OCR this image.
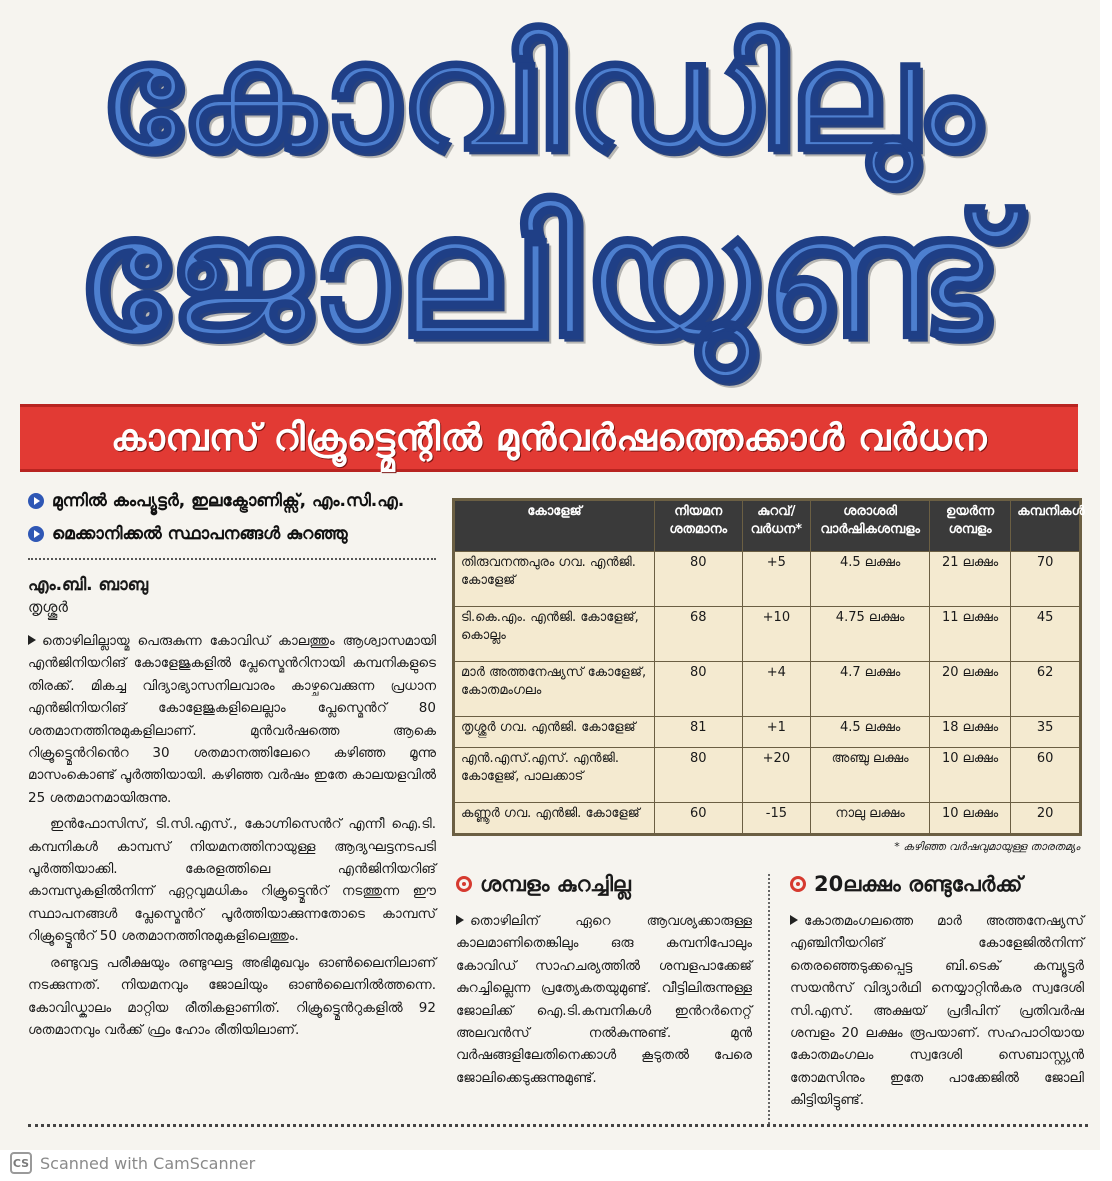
കോവിഡിലും
ജോലിയുണ്ട്
കാമ്പസ് റിക്രൂട്ട്മെന്റിൽ മുൻവർഷത്തെക്കാൾ വർധന
മുന്നിൽ കംപ്യൂട്ടർ, ഇലക്ട്രോണിക്സ്, എം.സി.എ.
മെക്കാനിക്കൽ സ്ഥാപനങ്ങൾ കുറഞ്ഞു
എം.ബി. ബാബു
തൃശ്ശൂർ

തൊഴിലില്ലായ്മ പെരുകുന്ന കോവിഡ് കാലത്തും ആശ്വാസമായി എൻജിനിയറിങ് കോളേജുകളിൽ പ്ലേസ്മെൻറിനായി കമ്പനികളുടെ തിരക്ക്. മികച്ച വിദ്യാഭ്യാസനിലവാരം കാഴ്ചവെക്കുന്ന പ്രധാന എൻജിനിയറിങ് കോളേജുകളിലെല്ലാം പ്ലേസ്മെൻറ് 80 ശതമാനത്തിനുമുകളിലാണ്. മുൻവർഷത്തെ ആകെ റിക്രൂട്ട്മെൻറിൻെറ 30 ശതമാനത്തിലേറെ കഴിഞ്ഞ മൂന്നു മാസംകൊണ്ട് പൂർത്തിയായി. കഴിഞ്ഞ വർഷം ഇതേ കാലയളവിൽ 25 ശതമാനമായിരുന്നു.

ഇൻഫോസിസ്, ടി.സി.എസ്., കോഗ്നിസെൻറ് എന്നീ ഐ.ടി. കമ്പനികൾ കാമ്പസ് നിയമനത്തിനായുള്ള ആദ്യഘട്ടനടപടി പൂർത്തിയാക്കി. കേരളത്തിലെ എൻജിനിയറിങ് കാമ്പസുകളിൽനിന്ന് ഏറ്റവുമധികം റിക്രൂട്ട്മെൻറ് നടത്തുന്ന ഈ സ്ഥാപനങ്ങൾ പ്ലേസ്മെൻറ് പൂർത്തിയാക്കുന്നതോടെ കാമ്പസ് റിക്രൂട്ട്മെൻറ് 50 ശതമാനത്തിനുമുകളിലെത്തും.

രണ്ടുവട്ട പരീക്ഷയും രണ്ടുഘട്ട അഭിമുഖവും ഓൺലൈനിലാണ് നടക്കുന്നത്. നിയമനവും ജോലിയും ഓൺലൈനിൽത്തന്നെ. കോവിഡ്കാലം മാറ്റിയ രീതികളാണിത്. റിക്രൂട്ട്മെൻറുകളിൽ 92 ശതമാനവും വർക്ക് ഫ്രം ഹോം രീതിയിലാണ്.

കോളേജ്	നിയമന ശതമാനം	കുറവ്/ വർധന*	ശരാശരി വാർഷികശമ്പളം	ഉയർന്ന ശമ്പളം	കമ്പനികൾ
തിരുവനന്തപുരം ഗവ. എൻജി. കോളേജ്	80	+5	4.5 ലക്ഷം	21 ലക്ഷം	70
ടി.കെ.എം. എൻജി. കോളേജ്, കൊല്ലം	68	+10	4.75 ലക്ഷം	11 ലക്ഷം	45
മാർ അത്തനേഷ്യസ് കോളേജ്, കോതമംഗലം	80	+4	4.7 ലക്ഷം	20 ലക്ഷം	62
തൃശ്ശൂർ ഗവ. എൻജി. കോളേജ്	81	+1	4.5 ലക്ഷം	18 ലക്ഷം	35
എൻ.എസ്.എസ്. എൻജി. കോളേജ്, പാലക്കാട്	80	+20	അഞ്ചു ലക്ഷം	10 ലക്ഷം	60
കണ്ണൂർ ഗവ. എൻജി. കോളേജ്	60	-15	നാലു ലക്ഷം	10 ലക്ഷം	20
* കഴിഞ്ഞ വർഷവുമായുള്ള താരതമ്യം
ശമ്പളം കുറച്ചില്ല
തൊഴിലിന് ഏറെ ആവശ്യക്കാരുള്ള കാലമാണിതെങ്കിലും ഒരു കമ്പനിപോലും കോവിഡ് സാഹചര്യത്തിൽ ശമ്പളപാക്കേജ് കുറച്ചില്ലെന്ന പ്രത്യേകതയുമുണ്ട്. വീട്ടിലിരുന്നുള്ള ജോലിക്ക് ഐ.ടി.കമ്പനികൾ ഇൻറർനെറ്റ് അലവൻസ് നൽകുന്നുണ്ട്. മുൻ വർഷങ്ങളിലേതിനെക്കാൾ കൂടുതൽ പേരെ ജോലിക്കെടുക്കുന്നുമുണ്ട്.
20ലക്ഷം രണ്ടുപേർക്ക്
കോതമംഗലത്തെ മാർ അത്തനേഷ്യസ് എഞ്ചിനീയറിങ് കോളേജിൽനിന്ന് തെരഞ്ഞെടുക്കപ്പെട്ട ബി.ടെക് കമ്പ്യൂട്ടർ സയൻസ് വിദ്യാർഥി നെയ്യാറ്റിൻകര സ്വദേശി സി.എസ്. അക്ഷയ് പ്രദീപിന് പ്രതിവർഷ ശമ്പളം 20 ലക്ഷം രൂപയാണ്. സഹപാഠിയായ കോതമംഗലം സ്വദേശി സെബാസ്റ്റ്യൻ തോമസിനും ഇതേ പാക്കേജിൽ ജോലി കിട്ടിയിട്ടുണ്ട്.
CS Scanned with CamScanner
